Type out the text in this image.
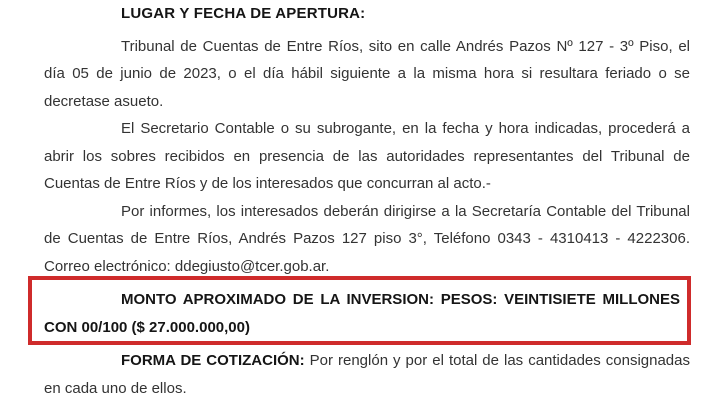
LUGAR Y FECHA DE APERTURA:
Tribunal de Cuentas de Entre Ríos, sito en calle Andrés Pazos Nº 127 - 3º Piso, el
día 05 de junio de 2023, o el día hábil siguiente a la misma hora si resultara feriado o se
decretase asueto.
El Secretario Contable o su subrogante, en la fecha y hora indicadas, procederá a
abrir los sobres recibidos en presencia de las autoridades representantes del Tribunal de
Cuentas de Entre Ríos y de los interesados que concurran al acto.-
Por informes, los interesados deberán dirigirse a la Secretaría Contable del Tribunal
de Cuentas de Entre Ríos, Andrés Pazos 127 piso 3°, Teléfono 0343 - 4310413 - 4222306.
Correo electrónico: ddegiusto@tcer.gob.ar.
MONTO APROXIMADO DE LA INVERSION: PESOS: VEINTISIETE MILLONES
CON 00/100 ($ 27.000.000,00)
FORMA DE COTIZACIÓN: Por renglón y por el total de las cantidades consignadas
en cada uno de ellos.
